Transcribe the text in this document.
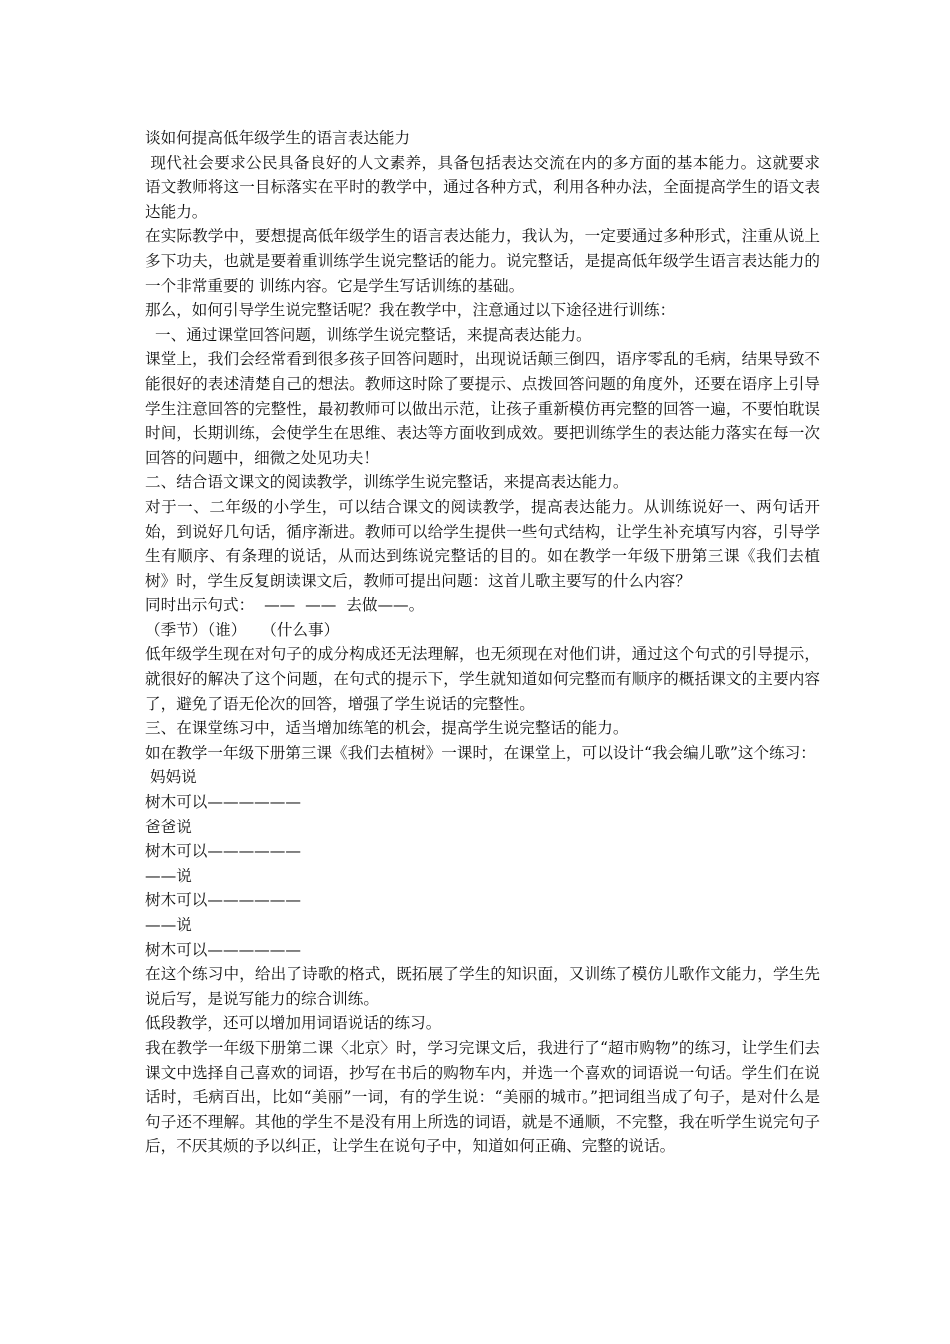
谈如何提高低年级学生的语言表达能力

现代社会要求公民具备良好的人文素养，具备包括表达交流在内的多方面的基本能力。这就要求语文教师将这一目标落实在平时的教学中，通过各种方式，利用各种办法，全面提高学生的语文表达能力。

在实际教学中，要想提高低年级学生的语言表达能力，我认为，一定要通过多种形式，注重从说上多下功夫，也就是要着重训练学生说完整话的能力。说完整话，是提高低年级学生语言表达能力的一个非常重要的 训练内容。它是学生写话训练的基础。

那么，如何引导学生说完整话呢？我在教学中，注意通过以下途径进行训练：

一、通过课堂回答问题，训练学生说完整话，来提高表达能力。

课堂上，我们会经常看到很多孩子回答问题时，出现说话颠三倒四，语序零乱的毛病，结果导致不能很好的表述清楚自己的想法。教师这时除了要提示、点拨回答问题的角度外，还要在语序上引导学生注意回答的完整性，最初教师可以做出示范，让孩子重新模仿再完整的回答一遍，不要怕耽误时间，长期训练，会使学生在思维、表达等方面收到成效。要把训练学生的表达能力落实在每一次回答的问题中，细微之处见功夫！

二、结合语文课文的阅读教学，训练学生说完整话，来提高表达能力。

对于一、二年级的小学生，可以结合课文的阅读教学，提高表达能力。从训练说好一、两句话开始，到说好几句话，循序渐进。教师可以给学生提供一些句式结构，让学生补充填写内容，引导学生有顺序、有条理的说话，从而达到练说完整话的目的。如在教学一年级下册第三课《我们去植树》时，学生反复朗读课文后，教师可提出问题：这首儿歌主要写的什么内容？

同时出示句式：  ——  ——  去做——。

（季节）（谁）   （什么事）

低年级学生现在对句子的成分构成还无法理解，也无须现在对他们讲，通过这个句式的引导提示，就很好的解决了这个问题，在句式的提示下，学生就知道如何完整而有顺序的概括课文的主要内容了，避免了语无伦次的回答，增强了学生说话的完整性。

三、在课堂练习中，适当增加练笔的机会，提高学生说完整话的能力。

如在教学一年级下册第三课《我们去植树》一课时，在课堂上，可以设计“我会编儿歌”这个练习：

妈妈说

树木可以——————

爸爸说

树木可以——————

——说

树木可以——————

——说

树木可以——————

在这个练习中，给出了诗歌的格式，既拓展了学生的知识面，又训练了模仿儿歌作文能力，学生先说后写，是说写能力的综合训练。

低段教学，还可以增加用词语说话的练习。

我在教学一年级下册第二课〈北京〉时，学习完课文后，我进行了“超市购物”的练习，让学生们去课文中选择自己喜欢的词语，抄写在书后的购物车内，并选一个喜欢的词语说一句话。学生们在说话时，毛病百出，比如“美丽”一词，有的学生说：“美丽的城市。”把词组当成了句子，是对什么是句子还不理解。其他的学生不是没有用上所选的词语，就是不通顺，不完整，我在听学生说完句子后，不厌其烦的予以纠正，让学生在说句子中，知道如何正确、完整的说话。
